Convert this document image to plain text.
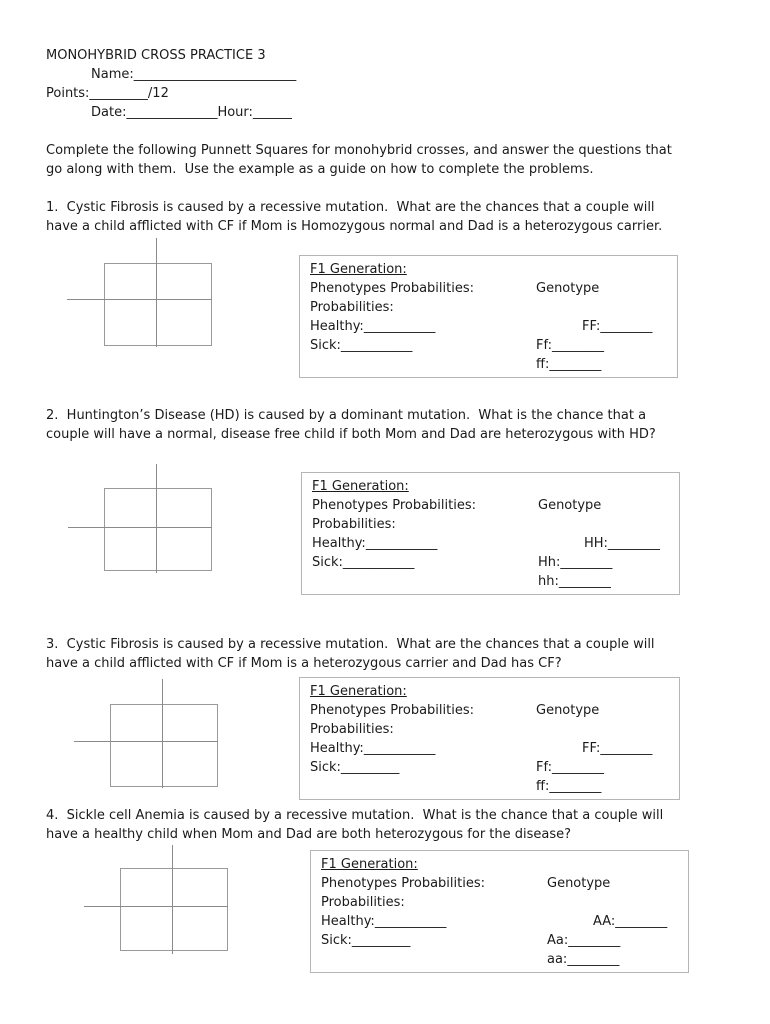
MONOHYBRID CROSS PRACTICE 3
Name:_________________________
Points:_________/12
Date:______________Hour:______
Complete the following Punnett Squares for monohybrid crosses, and answer the questions that
go along with them.  Use the example as a guide on how to complete the problems.
1.  Cystic Fibrosis is caused by a recessive mutation.  What are the chances that a couple will
have a child afflicted with CF if Mom is Homozygous normal and Dad is a heterozygous carrier.
F1 Generation:
Phenotypes Probabilities:	Genotype
Probabilities:
Healthy:___________	FF:________
Sick:___________	Ff:________
ff:________
2.  Huntington’s Disease (HD) is caused by a dominant mutation.  What is the chance that a
couple will have a normal, disease free child if both Mom and Dad are heterozygous with HD?
F1 Generation:
Phenotypes Probabilities:	Genotype
Probabilities:
Healthy:___________	HH:________
Sick:___________	Hh:________
hh:________
3.  Cystic Fibrosis is caused by a recessive mutation.  What are the chances that a couple will
have a child afflicted with CF if Mom is a heterozygous carrier and Dad has CF?
F1 Generation:
Phenotypes Probabilities:	Genotype
Probabilities:
Healthy:___________	FF:________
Sick:_________	Ff:________
ff:________
4.  Sickle cell Anemia is caused by a recessive mutation.  What is the chance that a couple will
have a healthy child when Mom and Dad are both heterozygous for the disease?
F1 Generation:
Phenotypes Probabilities:	Genotype
Probabilities:
Healthy:___________	AA:________
Sick:_________	Aa:________
aa:________
